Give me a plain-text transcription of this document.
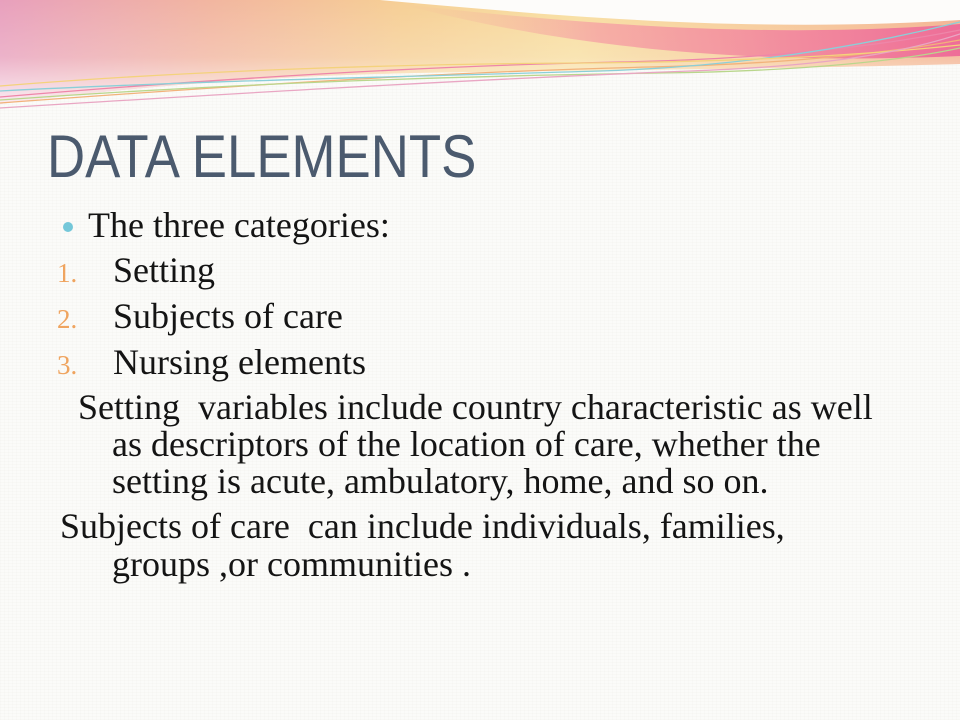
DATA ELEMENTS
The three categories:
1. Setting
2. Subjects of care
3. Nursing elements
Setting  variables include country characteristic as well
as descriptors of the location of care, whether the
setting is acute, ambulatory, home, and so on.
Subjects of care  can include individuals, families,
groups ,or communities .
